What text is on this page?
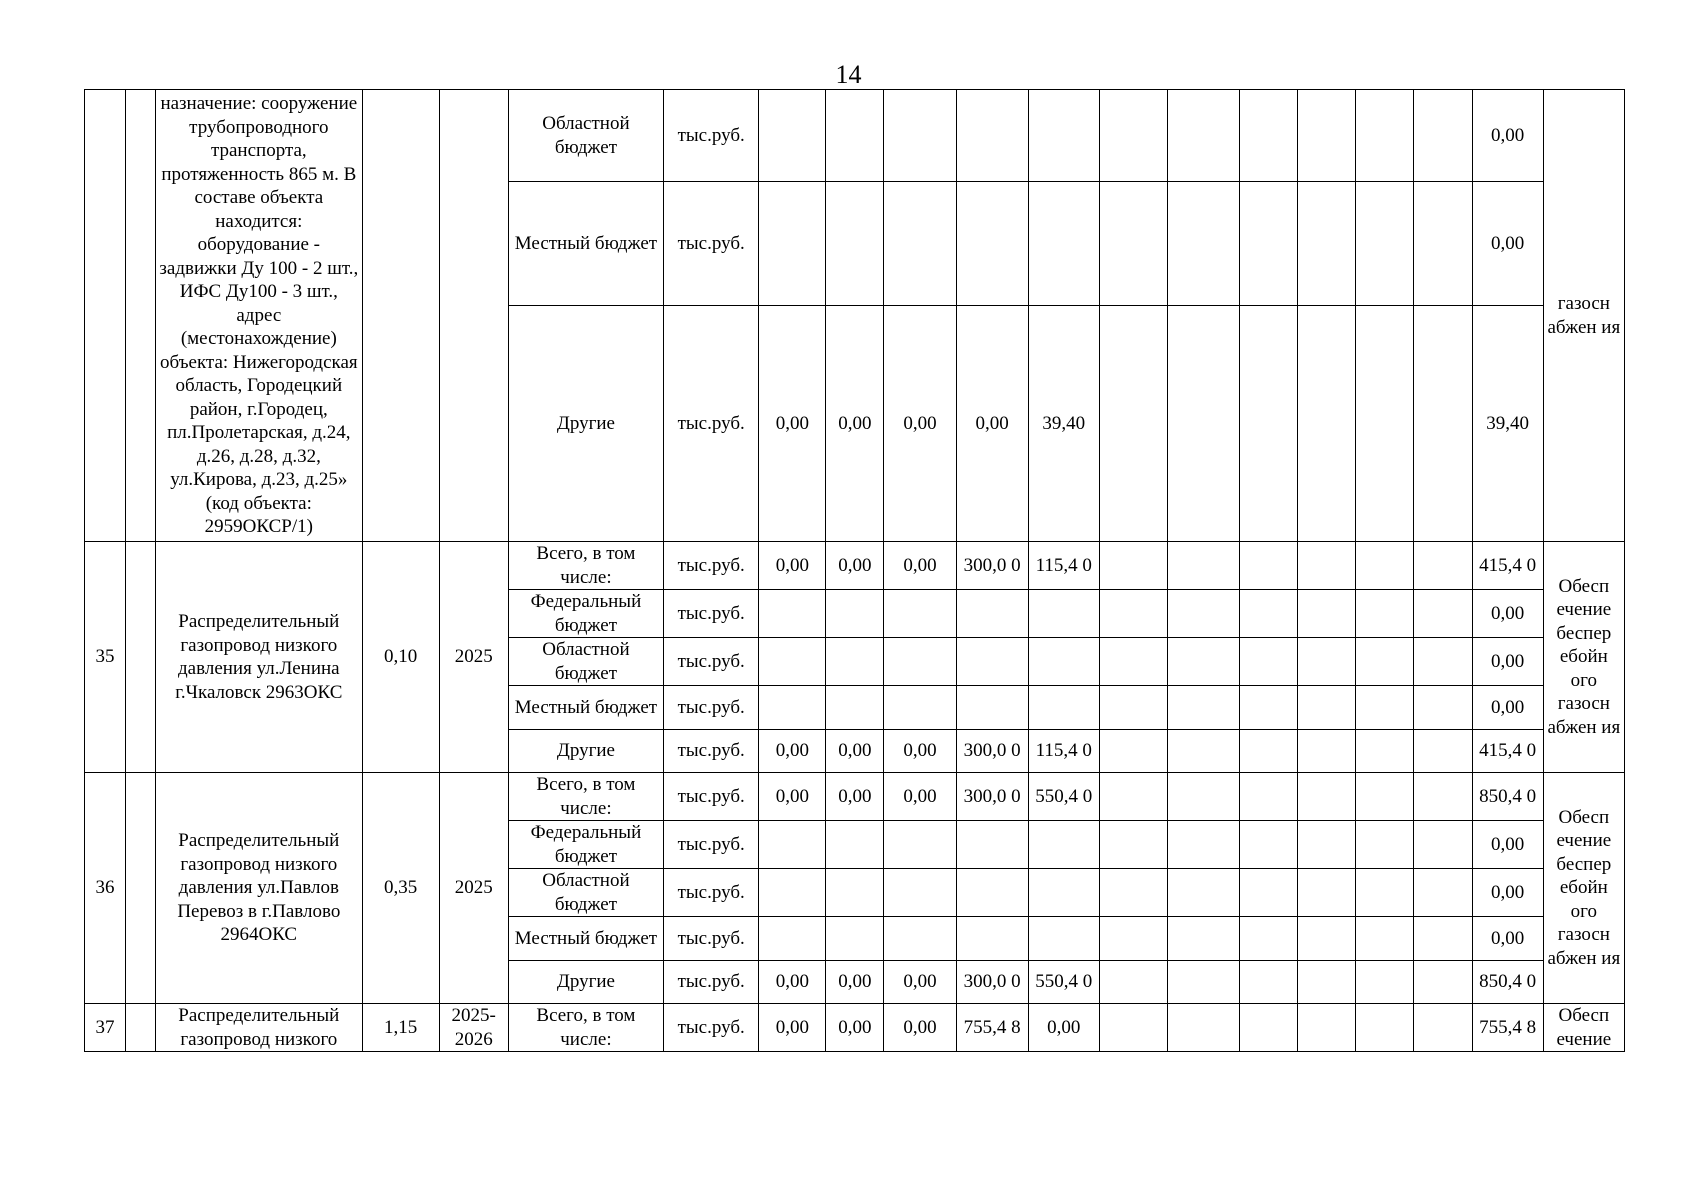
14
		назначение: сооружение трубопроводного транспорта, протяженность 865 м. В составе объекта находится: оборудование - задвижки Ду 100 - 2 шт., ИФС Ду100 - 3 шт., адрес (местонахождение) объекта: Нижегородская область, Городецкий район, г.Городец, пл.Пролетарская, д.24, д.26, д.28, д.32, ул.Кирова, д.23, д.25» (код объекта: 2959ОКСР/1)			Областной бюджет	тыс.руб.												0,00	газосн абжен ия
					Местный бюджет	тыс.руб.												0,00	
					Другие	тыс.руб.	0,00	0,00	0,00	0,00	39,40							39,40	
35		Распределительный газопровод низкого давления ул.Ленина г.Чкаловск 2963ОКС	0,10	2025	Всего, в том числе:	тыс.руб.	0,00	0,00	0,00	300,0 0	115,4 0							415,4 0	Обесп ечение беспер ебойн ого газосн абжен ия
					Федеральный бюджет	тыс.руб.												0,00	
					Областной бюджет	тыс.руб.												0,00	
					Местный бюджет	тыс.руб.												0,00	
					Другие	тыс.руб.	0,00	0,00	0,00	300,0 0	115,4 0							415,4 0	
36		Распределительный газопровод низкого давления ул.Павлов Перевоз в г.Павлово 2964ОКС	0,35	2025	Всего, в том числе:	тыс.руб.	0,00	0,00	0,00	300,0 0	550,4 0							850,4 0	Обесп ечение беспер ебойн ого газосн абжен ия
					Федеральный бюджет	тыс.руб.												0,00	
					Областной бюджет	тыс.руб.												0,00	
					Местный бюджет	тыс.руб.												0,00	
					Другие	тыс.руб.	0,00	0,00	0,00	300,0 0	550,4 0							850,4 0	
37		Распределительный газопровод низкого	1,15	2025- 2026	Всего, в том числе:	тыс.руб.	0,00	0,00	0,00	755,4 8	0,00							755,4 8	Обесп ечение
